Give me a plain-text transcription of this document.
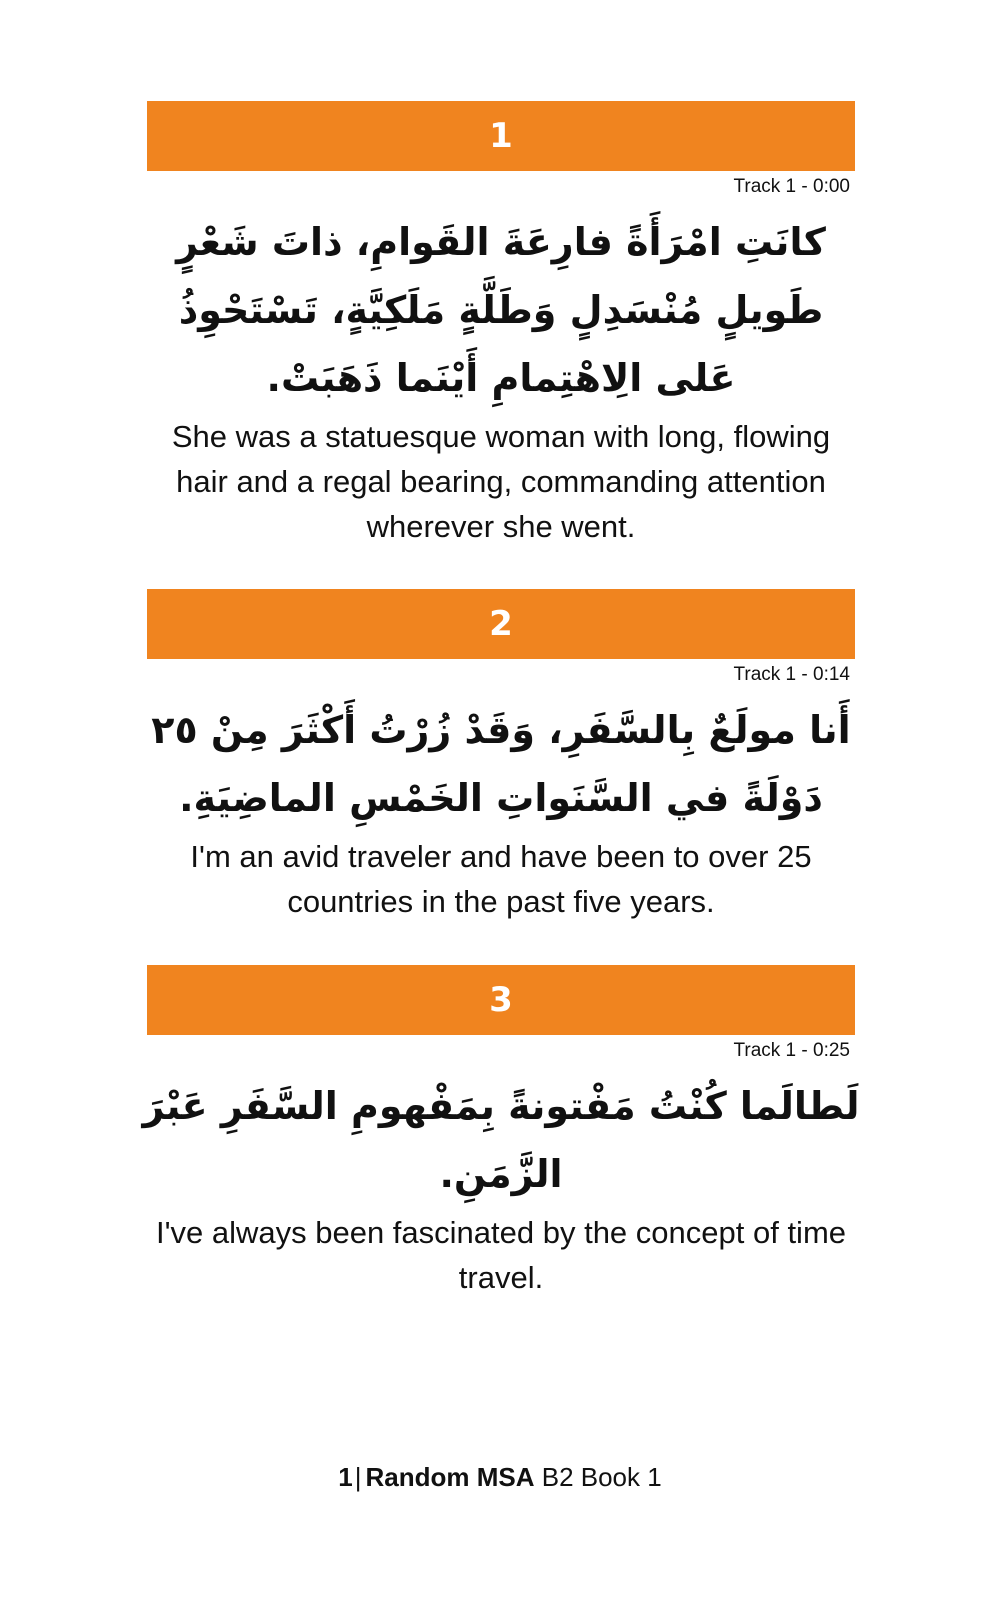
1
Track 1 - 0:00
كانَتِ امْرَأَةً فارِعَةَ القَوامِ، ذاتَ شَعْرٍ طَويلٍ مُنْسَدِلٍ وَطَلَّةٍ مَلَكِيَّةٍ، تَسْتَحْوِذُ عَلى الِاهْتِمامِ أَيْنَما ذَهَبَتْ.
She was a statuesque woman with long, flowing hair and a regal bearing, commanding attention wherever she went.
2
Track 1 - 0:14
أَنا مولَعٌ بِالسَّفَرِ، وَقَدْ زُرْتُ أَكْثَرَ مِنْ ٢٥ دَوْلَةً في السَّنَواتِ الخَمْسِ الماضِيَةِ.
I'm an avid traveler and have been to over 25 countries in the past five years.
3
Track 1 - 0:25
لَطالَما كُنْتُ مَفْتونةً بِمَفْهومِ السَّفَرِ عَبْرَ الزَّمَنِ.
I've always been fascinated by the concept of time travel.
1| Random MSA B2 Book 1
